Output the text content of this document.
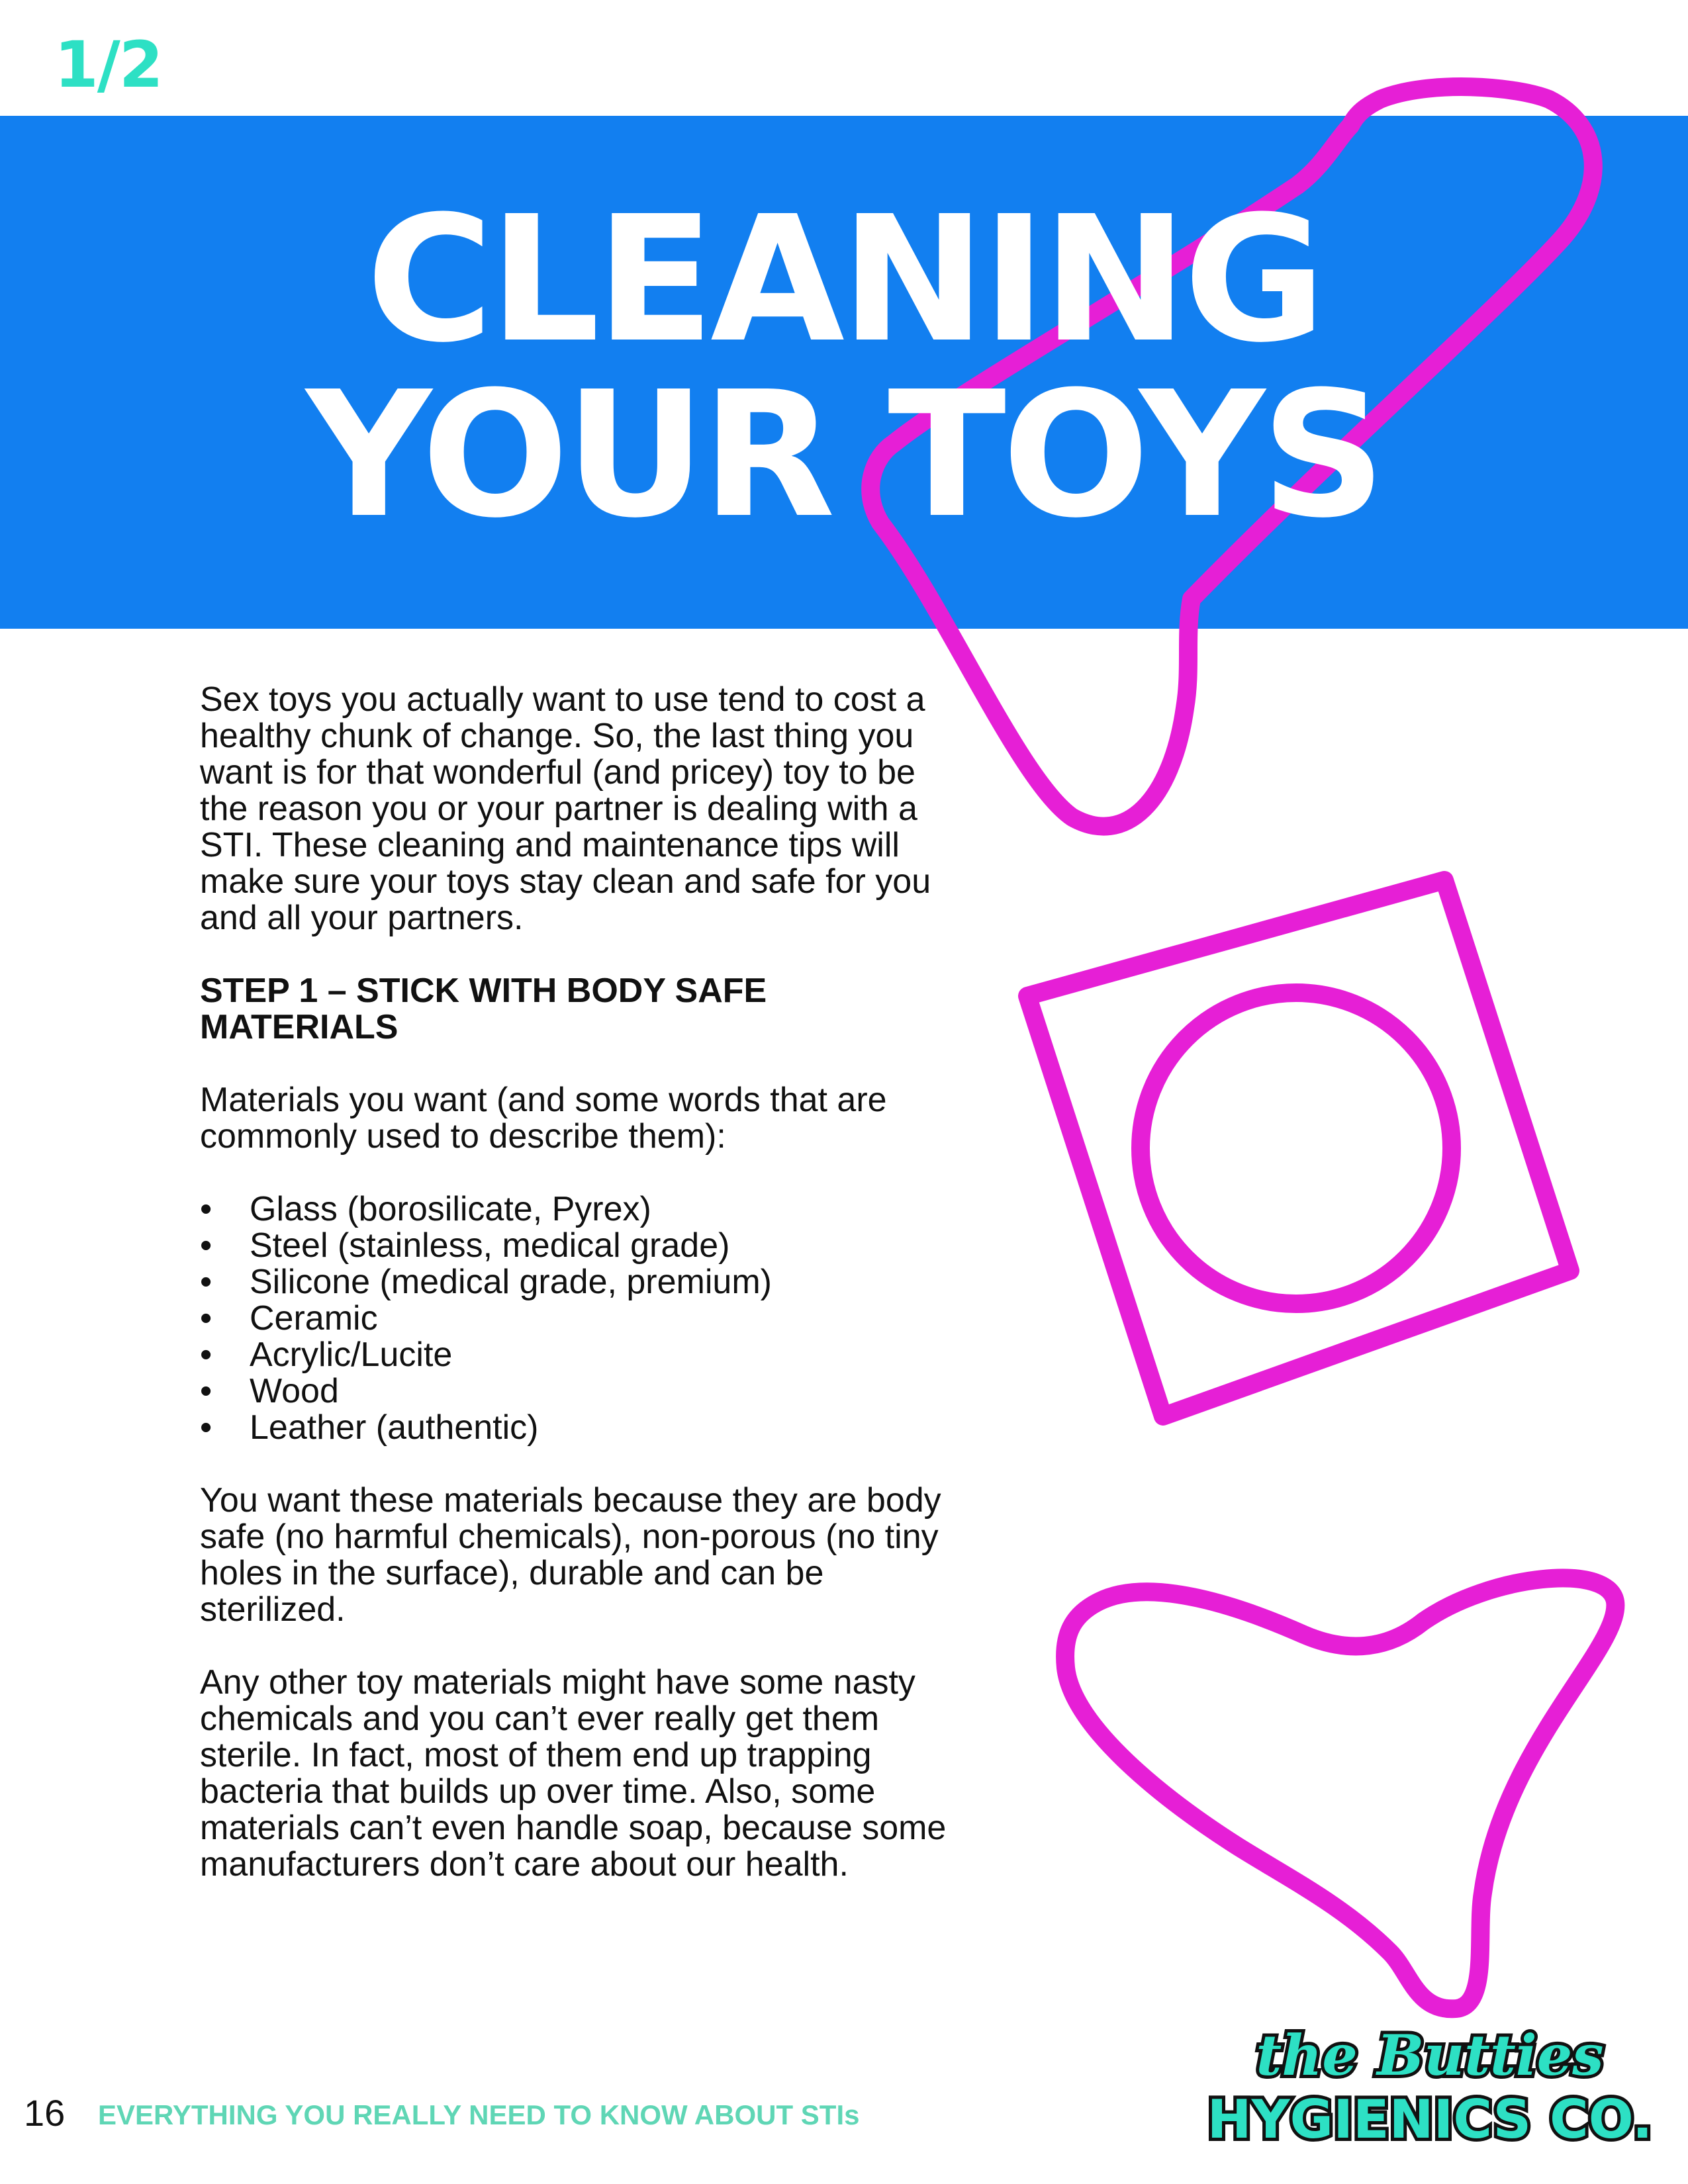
1/2
CLEANING
YOUR TOYS

Sex toys you actually want to use tend to cost a healthy chunk of change. So, the last thing you want is for that wonderful (and pricey) toy to be the reason you or your partner is dealing with a STI. These cleaning and maintenance tips will make sure your toys stay clean and safe for you and all your partners.

STEP 1 – STICK WITH BODY SAFE MATERIALS

Materials you want (and some words that are commonly used to describe them):

• Glass (borosilicate, Pyrex)
• Steel (stainless, medical grade)
• Silicone (medical grade, premium)
• Ceramic
• Acrylic/Lucite
• Wood
• Leather (authentic)

You want these materials because they are body safe (no harmful chemicals), non-porous (no tiny holes in the surface), durable and can be sterilized.

Any other toy materials might have some nasty chemicals and you can’t ever really get them sterile. In fact, most of them end up trapping bacteria that builds up over time. Also, some materials can’t even handle soap, because some manufacturers don’t care about our health.

16 EVERYTHING YOU REALLY NEED TO KNOW ABOUT STIs
the Butties
HYGIENICS CO.
